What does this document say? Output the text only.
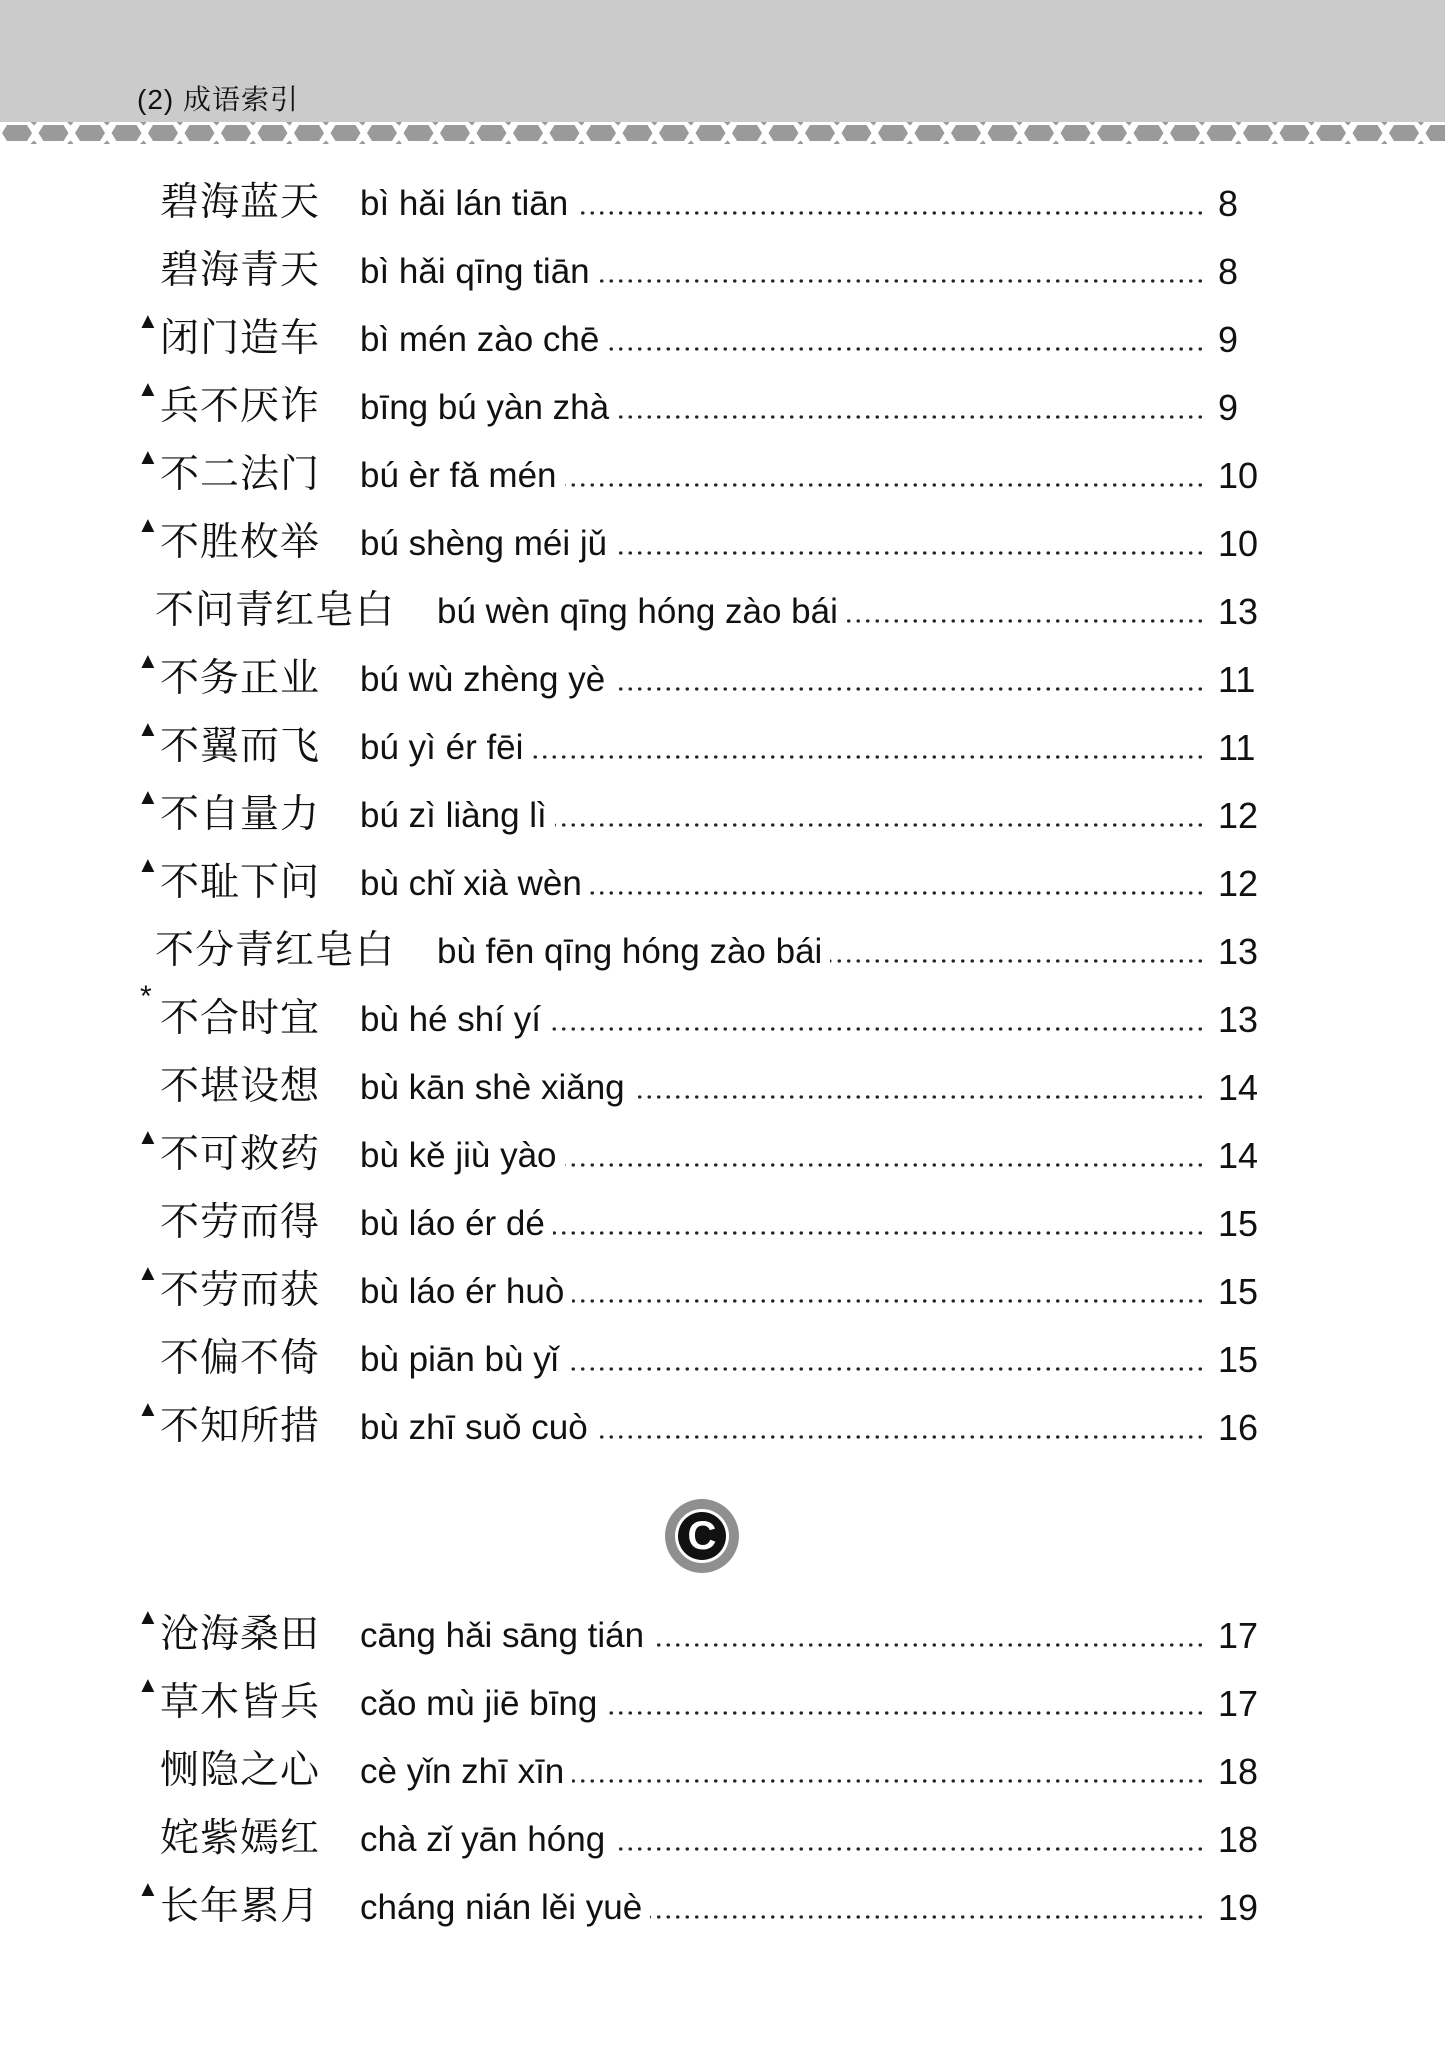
(2) 成语索引
碧海蓝天 bì hǎi lán tiān	8
碧海青天 bì hǎi qīng tiān	8
▲ 闭门造车 bì mén zào chē	9
▲ 兵不厌诈 bīng bú yàn zhà	9
▲ 不二法门 bú èr fǎ mén	10
▲ 不胜枚举 bú shèng méi jǔ	10
不问青红皂白 bú wèn qīng hóng zào bái	13
▲ 不务正业 bú wù zhèng yè	11
▲ 不翼而飞 bú yì ér fēi	11
▲ 不自量力 bú zì liàng lì	12
▲ 不耻下问 bù chǐ xià wèn	12
不分青红皂白 bù fēn qīng hóng zào bái	13
* 不合时宜 bù hé shí yí	13
不堪设想 bù kān shè xiǎng	14
▲ 不可救药 bù kě jiù yào	14
不劳而得 bù láo ér dé	15
▲ 不劳而获 bù láo ér huò	15
不偏不倚 bù piān bù yǐ	15
▲ 不知所措 bù zhī suǒ cuò	16
▲ 沧海桑田 cāng hǎi sāng tián	17
▲ 草木皆兵 cǎo mù jiē bīng	17
恻隐之心 cè yǐn zhī xīn	18
姹紫嫣红 chà zǐ yān hóng	18
▲ 长年累月 cháng nián lěi yuè	19
C
